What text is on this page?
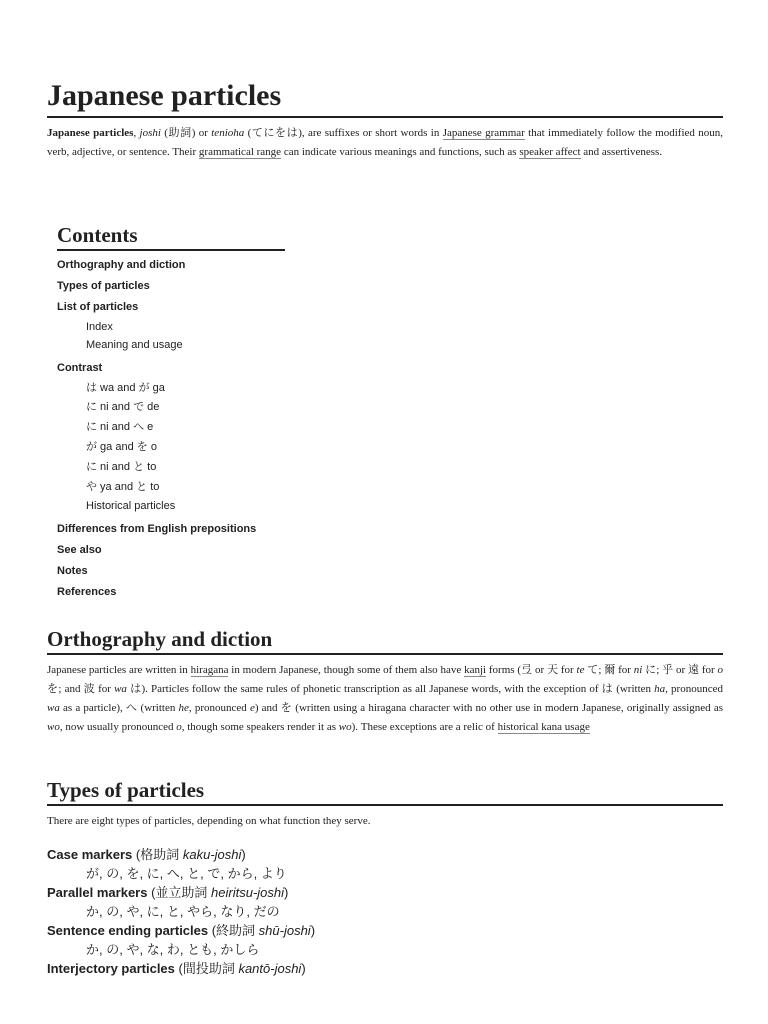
Japanese particles

Japanese particles, joshi (助詞) or tenioha (てにをは), are suffixes or short words in Japanese grammar that immediately follow the modified noun, verb, adjective, or sentence. Their grammatical range can indicate various meanings and functions, such as speaker affect and assertiveness.

Contents
Orthography and diction
Types of particles
List of particles
Index
Meaning and usage
Contrast
は wa and が ga
に ni and で de
に ni and へ e
が ga and を o
に ni and と to
や ya and と to
Historical particles
Differences from English prepositions
See also
Notes
References
Orthography and diction

Japanese particles are written in hiragana in modern Japanese, though some of them also have kanji forms (弖 or 天 for te て; 爾 for ni に; 乎 or 遠 for o を; and 波 for wa は). Particles follow the same rules of phonetic transcription as all Japanese words, with the exception of は (written ha, pronounced wa as a particle), へ (written he, pronounced e) and を (written using a hiragana character with no other use in modern Japanese, originally assigned as wo, now usually pronounced o, though some speakers render it as wo). These exceptions are a relic of historical kana usage

Types of particles

There are eight types of particles, depending on what function they serve.

Case markers (格助詞 kaku-joshi)
が, の, を, に, へ, と, で, から, より
Parallel markers (並立助詞 heiritsu-joshi)
か, の, や, に, と, やら, なり, だの
Sentence ending particles (終助詞 shū-joshi)
か, の, や, な, わ, とも, かしら
Interjectory particles (間投助詞 kantō-joshi)
